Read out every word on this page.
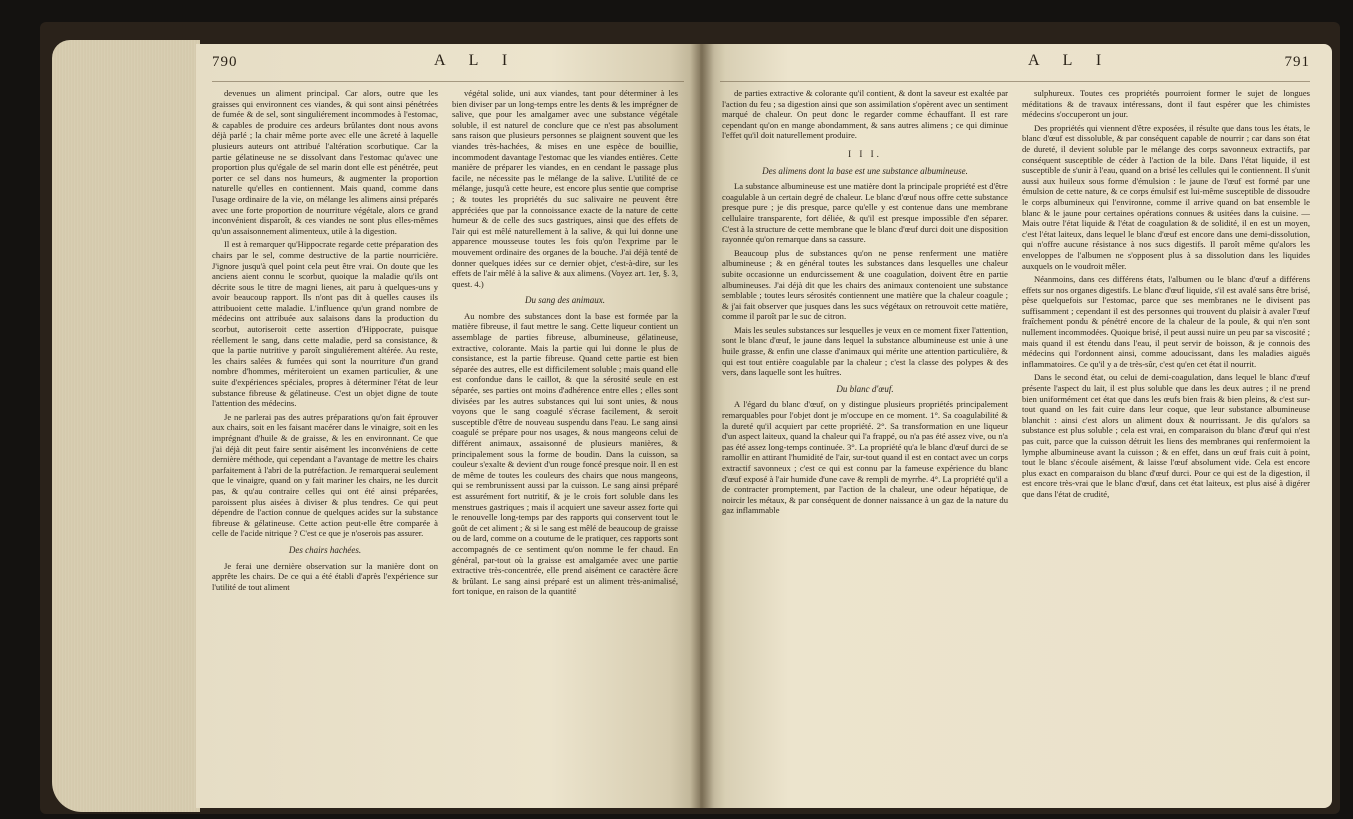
790	A L I

devenues un aliment principal. Car alors, outre que les graisses qui environnent ces viandes, & qui sont ainsi pénétrées de fumée & de sel, sont singuliérement incommodes à l'estomac, & capables de produire ces ardeurs brûlantes dont nous avons déjà parlé ; la chair même porte avec elle une âcreté à laquelle plusieurs auteurs ont attribué l'altération scorbutique. Car la partie gélatineuse ne se dissolvant dans l'estomac qu'avec une proportion plus qu'égale de sel marin dont elle est pénétrée, peut porter ce sel dans nos humeurs, & augmenter la proportion naturelle qu'elles en contiennent. Mais quand, comme dans l'usage ordinaire de la vie, on mélange les alimens ainsi préparés avec une forte proportion de nourriture végétale, alors ce grand inconvénient disparoît, & ces viandes ne sont plus elles-mêmes qu'un assaisonnement alimenteux, utile à la digestion.

Il est à remarquer qu'Hippocrate regarde cette préparation des chairs par le sel, comme destructive de la partie nourricière. J'ignore jusqu'à quel point cela peut être vrai. On doute que les anciens aient connu le scorbut, quoique la maladie qu'ils ont décrite sous le titre de magni lienes, ait paru à quelques-uns y avoir beaucoup rapport. Ils n'ont pas dit à quelles causes ils attribuoient cette maladie. L'influence qu'un grand nombre de médecins ont attribuée aux salaisons dans la production du scorbut, autoriseroit cette assertion d'Hippocrate, puisque réellement le sang, dans cette maladie, perd sa consistance, & que la partie nutritive y paroît singuliérement altérée. Au reste, les chairs salées & fumées qui sont la nourriture d'un grand nombre d'hommes, mériteroient un examen particulier, & une suite d'expériences spéciales, propres à déterminer l'état de leur substance fibreuse & gélatineuse. C'est un objet digne de toute l'attention des médecins.

Je ne parlerai pas des autres préparations qu'on fait éprouver aux chairs, soit en les faisant macérer dans le vinaigre, soit en les imprégnant d'huile & de graisse, & les en environnant. Ce que j'ai déjà dit peut faire sentir aisément les inconvéniens de cette dernière méthode, qui cependant a l'avantage de mettre les chairs parfaitement à l'abri de la putréfaction. Je remarquerai seulement que le vinaigre, quand on y fait mariner les chairs, ne les durcit pas, & qu'au contraire celles qui ont été ainsi préparées, paroissent plus aisées à diviser & plus tendres. Ce qui peut dépendre de l'action connue de quelques acides sur la substance fibreuse & gélatineuse. Cette action peut-elle être comparée à celle de l'acide nitrique ? C'est ce que je n'oserois pas assurer.

Des chairs hachées.

Je ferai une dernière observation sur la manière dont on apprête les chairs. De ce qui a été établi d'après l'expérience sur l'utilité de tout aliment

végétal solide, uni aux viandes, tant pour déterminer à les bien diviser par un long-temps entre les dents & les imprégner de salive, que pour les amalgamer avec une substance végétale soluble, il est naturel de conclure que ce n'est pas absolument sans raison que plusieurs personnes se plaignent souvent que les viandes très-hachées, & mises en une espèce de bouillie, incommodent davantage l'estomac que les viandes entières. Cette manière de préparer les viandes, en en cendant le passage plus facile, ne nécessite pas le mélange de la salive. L'utilité de ce mélange, jusqu'à cette heure, est encore plus sentie que comprise ; & toutes les propriétés du suc salivaire ne peuvent être appréciées que par la connoissance exacte de la nature de cette humeur & de celle des sucs gastriques, ainsi que des effets de l'air qui est mêlé naturellement à la salive, & qui lui donne une apparence mousseuse toutes les fois qu'on l'exprime par le mouvement ordinaire des organes de la bouche. J'ai déjà tenté de donner quelques idées sur ce dernier objet, c'est-à-dire, sur les effets de l'air mêlé à la salive & aux alimens. (Voyez art. 1er, §. 3, quest. 4.)

Du sang des animaux.

Au nombre des substances dont la base est formée par la matière fibreuse, il faut mettre le sang. Cette liqueur contient un assemblage de parties fibreuse, albumineuse, gélatineuse, extractive, colorante. Mais la partie qui lui donne le plus de consistance, est la partie fibreuse. Quand cette partie est bien séparée des autres, elle est difficilement soluble ; mais quand elle est confondue dans le caillot, & que la sérosité seule en est séparée, ses parties ont moins d'adhérence entre elles ; elles sont divisées par les autres substances qui lui sont unies, & nous voyons que le sang coagulé s'écrase facilement, & seroit susceptible d'être de nouveau suspendu dans l'eau. Le sang ainsi coagulé se prépare pour nos usages, & nous mangeons celui de différent animaux, assaisonné de plusieurs manières, & principalement sous la forme de boudin. Dans la cuisson, sa couleur s'exalte & devient d'un rouge foncé presque noir. Il en est de même de toutes les couleurs des chairs que nous mangeons, qui se rembrunissent aussi par la cuisson. Le sang ainsi préparé est assurément fort nutritif, & je le crois fort soluble dans les menstrues gastriques ; mais il acquiert une saveur assez forte qui le renouvelle long-temps par des rapports qui conservent tout le goût de cet aliment ; & si le sang est mêlé de beaucoup de graisse ou de lard, comme on a coutume de le pratiquer, ces rapports sont accompagnés de ce sentiment qu'on nomme le fer chaud. En général, par-tout où la graisse est amalgamée avec une partie extractive très-concentrée, elle prend aisément ce caractère âcre & brûlant. Le sang ainsi préparé est un aliment très-animalisé, fort tonique, en raison de la quantité

A L I	791

de parties extractive & colorante qu'il contient, & dont la saveur est exaltée par l'action du feu ; sa digestion ainsi que son assimilation s'opèrent avec un sentiment marqué de chaleur. On peut donc le regarder comme échauffant. Il est rare cependant qu'on en mange abondamment, & sans autres alimens ; ce qui diminue l'effet qu'il doit naturellement produire.

I I I.

Des alimens dont la base est une substance albumineuse.

La substance albumineuse est une matière dont la principale propriété est d'être coagulable à un certain degré de chaleur. Le blanc d'œuf nous offre cette substance presque pure ; je dis presque, parce qu'elle y est contenue dans une membrane cellulaire transparente, fort déliée, & qu'il est presque impossible d'en séparer. C'est à la structure de cette membrane que le blanc d'œuf durci doit une disposition rayonnée qu'on remarque dans sa cassure.

Beaucoup plus de substances qu'on ne pense renferment une matière albumineuse ; & en général toutes les substances dans lesquelles une chaleur subite occasionne un endurcissement & une coagulation, doivent être en partie albumineuses. J'ai déjà dit que les chairs des animaux contenoient une substance semblable ; toutes leurs sérosités contiennent une matière que la chaleur coagule ; & j'ai fait observer que jusques dans les sucs végétaux on retrouvoit cette matière, comme il paroît par le suc de citron.

Mais les seules substances sur lesquelles je veux en ce moment fixer l'attention, sont le blanc d'œuf, le jaune dans lequel la substance albumineuse est unie à une huile grasse, & enfin une classe d'animaux qui mérite une attention particulière, & qui est tout entière coagulable par la chaleur ; c'est la classe des polypes & des vers, dans laquelle sont les huîtres.

Du blanc d'œuf.

A l'égard du blanc d'œuf, on y distingue plusieurs propriétés principalement remarquables pour l'objet dont je m'occupe en ce moment. 1°. Sa coagulabilité & la dureté qu'il acquiert par cette propriété. 2°. Sa transformation en une liqueur d'un aspect laiteux, quand la chaleur qui l'a frappé, ou n'a pas été assez vive, ou n'a pas été assez long-temps continuée. 3°. La propriété qu'a le blanc d'œuf durci de se ramollir en attirant l'humidité de l'air, sur-tout quand il est en contact avec un corps extractif savonneux ; c'est ce qui est connu par la fameuse expérience du blanc d'œuf exposé à l'air humide d'une cave & rempli de myrrhe. 4°. La propriété qu'il a de contracter promptement, par l'action de la chaleur, une odeur hépatique, de noircir les métaux, & par conséquent de donner naissance à un gaz de la nature du gaz inflammable

sulphureux. Toutes ces propriétés pourroient former le sujet de longues méditations & de travaux intéressans, dont il faut espérer que les chimistes médecins s'occuperont un jour.

Des propriétés qui viennent d'être exposées, il résulte que dans tous les états, le blanc d'œuf est dissoluble, & par conséquent capable de nourrir ; car dans son état de dureté, il devient soluble par le mélange des corps savonneux extractifs, par conséquent susceptible de céder à l'action de la bile. Dans l'état liquide, il est susceptible de s'unir à l'eau, quand on a brisé les cellules qui le contiennent. Il s'unit aussi aux huileux sous forme d'émulsion : le jaune de l'œuf est formé par une émulsion de cette nature, & ce corps émulsif est lui-même susceptible de dissoudre le corps albumineux qui l'environne, comme il arrive quand on bat ensemble le blanc & le jaune pour certaines opérations connues & usitées dans la cuisine. — Mais outre l'état liquide & l'état de coagulation & de solidité, il en est un moyen, c'est l'état laiteux, dans lequel le blanc d'œuf est encore dans une demi-dissolution, qui n'offre aucune résistance à nos sucs digestifs. Il paroît même qu'alors les enveloppes de l'albumen ne s'opposent plus à sa dissolution dans les liquides auxquels on le voudroit mêler.

Néanmoins, dans ces différens états, l'albumen ou le blanc d'œuf a différens effets sur nos organes digestifs. Le blanc d'œuf liquide, s'il est avalé sans être brisé, pèse quelquefois sur l'estomac, parce que ses membranes ne le divisent pas suffisamment ; cependant il est des personnes qui trouvent du plaisir à avaler l'œuf fraîchement pondu & pénétré encore de la chaleur de la poule, & qui n'en sont nullement incommodées. Quoique brisé, il peut aussi nuire un peu par sa viscosité ; mais quand il est étendu dans l'eau, il peut servir de boisson, & je connois des médecins qui l'ordonnent ainsi, comme adoucissant, dans les maladies aiguës inflammatoires. Ce qu'il y a de très-sûr, c'est qu'en cet état il nourrit.

Dans le second état, ou celui de demi-coagulation, dans lequel le blanc d'œuf présente l'aspect du lait, il est plus soluble que dans les deux autres ; il ne prend bien uniformément cet état que dans les œufs bien frais & bien pleins, & c'est sur-tout quand on les fait cuire dans leur coque, que leur substance albumineuse blanchit : ainsi c'est alors un aliment doux & nourrissant. Je dis qu'alors sa substance est plus soluble ; cela est vrai, en comparaison du blanc d'œuf qui n'est pas cuit, parce que la cuisson détruit les liens des membranes qui renfermoient la lymphe albumineuse avant la cuisson ; & en effet, dans un œuf frais cuit à point, tout le blanc s'écoule aisément, & laisse l'œuf absolument vide. Cela est encore plus exact en comparaison du blanc d'œuf durci. Pour ce qui est de la digestion, il est encore très-vrai que le blanc d'œuf, dans cet état laiteux, est plus aisé à digérer que dans l'état de crudité,
